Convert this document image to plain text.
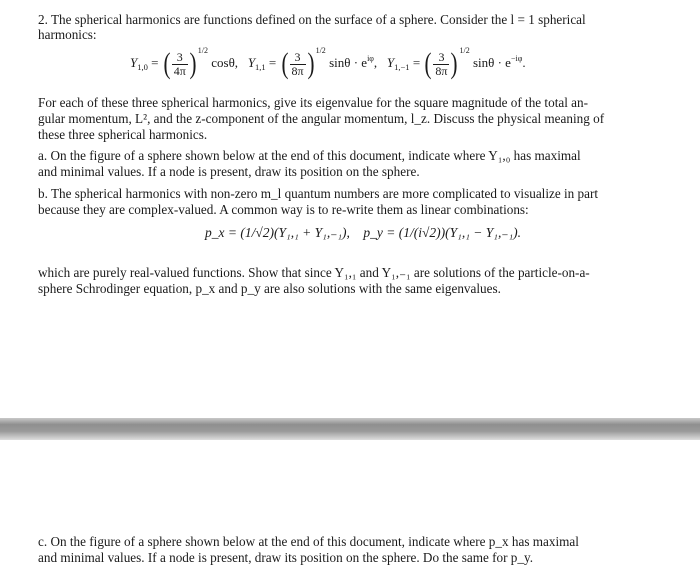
2. The spherical harmonics are functions defined on the surface of a sphere. Consider the l = 1 spherical

harmonics:

$Y_{1,0}$ = ( $\frac{3}{4\pi}$ ) $^{1/2}$ cosθ, $Y_{1,1}$ = ( $\frac{3}{8\pi}$ ) $^{1/2}$ $\sin\theta \cdot e^{i\varphi}$,   $Y_{1,-1}$ = ( $\frac{3}{8\pi}$ ) $^{1/2}$ $\sin\theta \cdot e^{-i\varphi}$.

For each of these three spherical harmonics, give its eigenvalue for the square magnitude of the total an-

gular momentum, L², and the z-component of the angular momentum, l_z. Discuss the physical meaning of

these three spherical harmonics.

a. On the figure of a sphere shown below at the end of this document, indicate where Y₁,₀ has maximal

and minimal values. If a node is present, draw its position on the sphere.

b. The spherical harmonics with non-zero m_l quantum numbers are more complicated to visualize in part

because they are complex-valued. A common way is to re-write them as linear combinations:

p_x = (1/√2)(Y₁,₁ + Y₁,₋₁), p_y = (1/(i√2))(Y₁,₁ − Y₁,₋₁).

which are purely real-valued functions. Show that since Y₁,₁ and Y₁,₋₁ are solutions of the particle-on-a-

sphere Schrodinger equation, p_x and p_y are also solutions with the same eigenvalues.

c. On the figure of a sphere shown below at the end of this document, indicate where p_x has maximal

and minimal values. If a node is present, draw its position on the sphere. Do the same for p_y.
